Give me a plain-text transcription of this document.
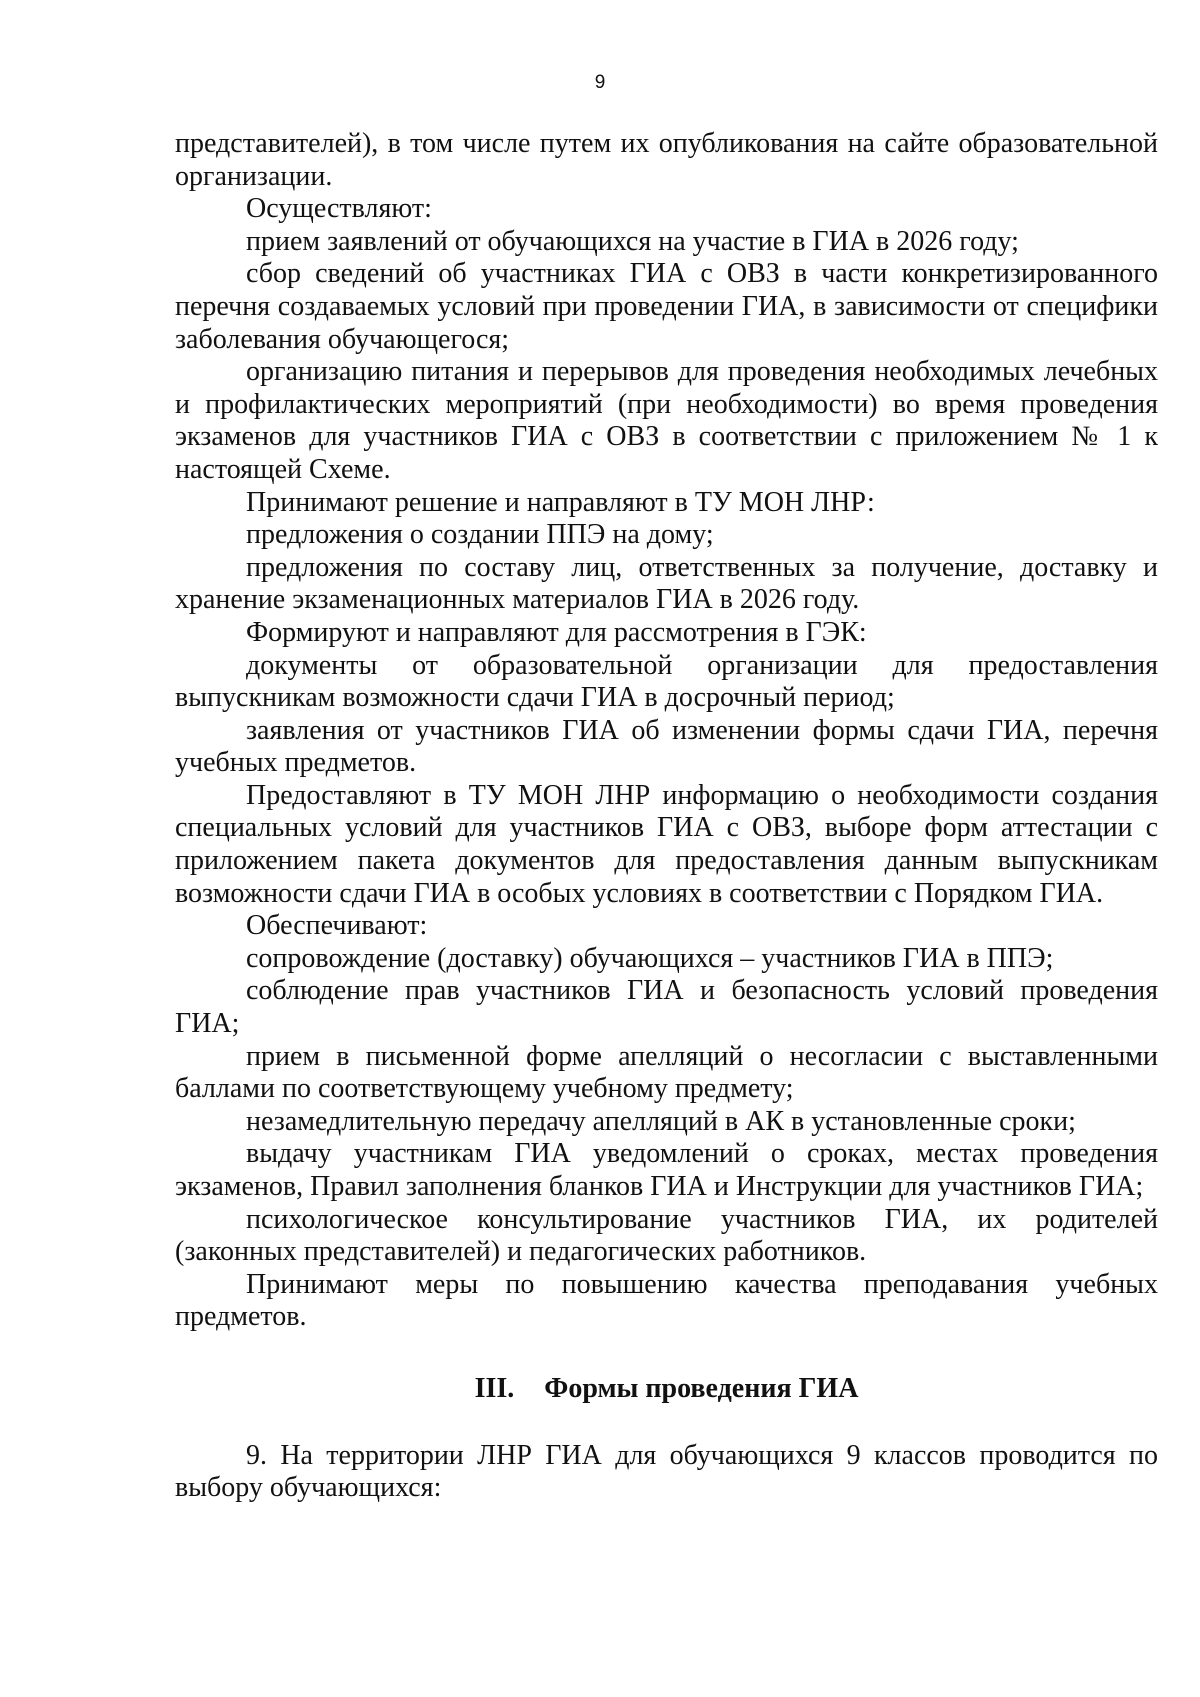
9

представителей), в том числе путем их опубликования на сайте образовательной организации.

Осуществляют:

прием заявлений от обучающихся на участие в ГИА в 2026 году;

сбор сведений об участниках ГИА с ОВЗ в части конкретизированного перечня создаваемых условий при проведении ГИА, в зависимости от специфики заболевания обучающегося;

организацию питания и перерывов для проведения необходимых лечебных и профилактических мероприятий (при необходимости) во время проведения экзаменов для участников ГИА с ОВЗ в соответствии с приложением № 1 к настоящей Схеме.

Принимают решение и направляют в ТУ МОН ЛНР:

предложения о создании ППЭ на дому;

предложения по составу лиц, ответственных за получение, доставку и хранение экзаменационных материалов ГИА в 2026 году.

Формируют и направляют для рассмотрения в ГЭК:

документы от образовательной организации для предоставления выпускникам возможности сдачи ГИА в досрочный период;

заявления от участников ГИА об изменении формы сдачи ГИА, перечня учебных предметов.

Предоставляют в ТУ МОН ЛНР информацию о необходимости создания специальных условий для участников ГИА с ОВЗ, выборе форм аттестации с приложением пакета документов для предоставления данным выпускникам возможности сдачи ГИА в особых условиях в соответствии с Порядком ГИА.

Обеспечивают:

сопровождение (доставку) обучающихся – участников ГИА в ППЭ;

соблюдение прав участников ГИА и безопасность условий проведения ГИА;

прием в письменной форме апелляций о несогласии с выставленными баллами по соответствующему учебному предмету;

незамедлительную передачу апелляций в АК в установленные сроки;

выдачу участникам ГИА уведомлений о сроках, местах проведения экзаменов, Правил заполнения бланков ГИА и Инструкции для участников ГИА;

психологическое консультирование участников ГИА, их родителей (законных представителей) и педагогических работников.

Принимают меры по повышению качества преподавания учебных предметов.

III. Формы проведения ГИА

9. На территории ЛНР ГИА для обучающихся 9 классов проводится по выбору обучающихся:
